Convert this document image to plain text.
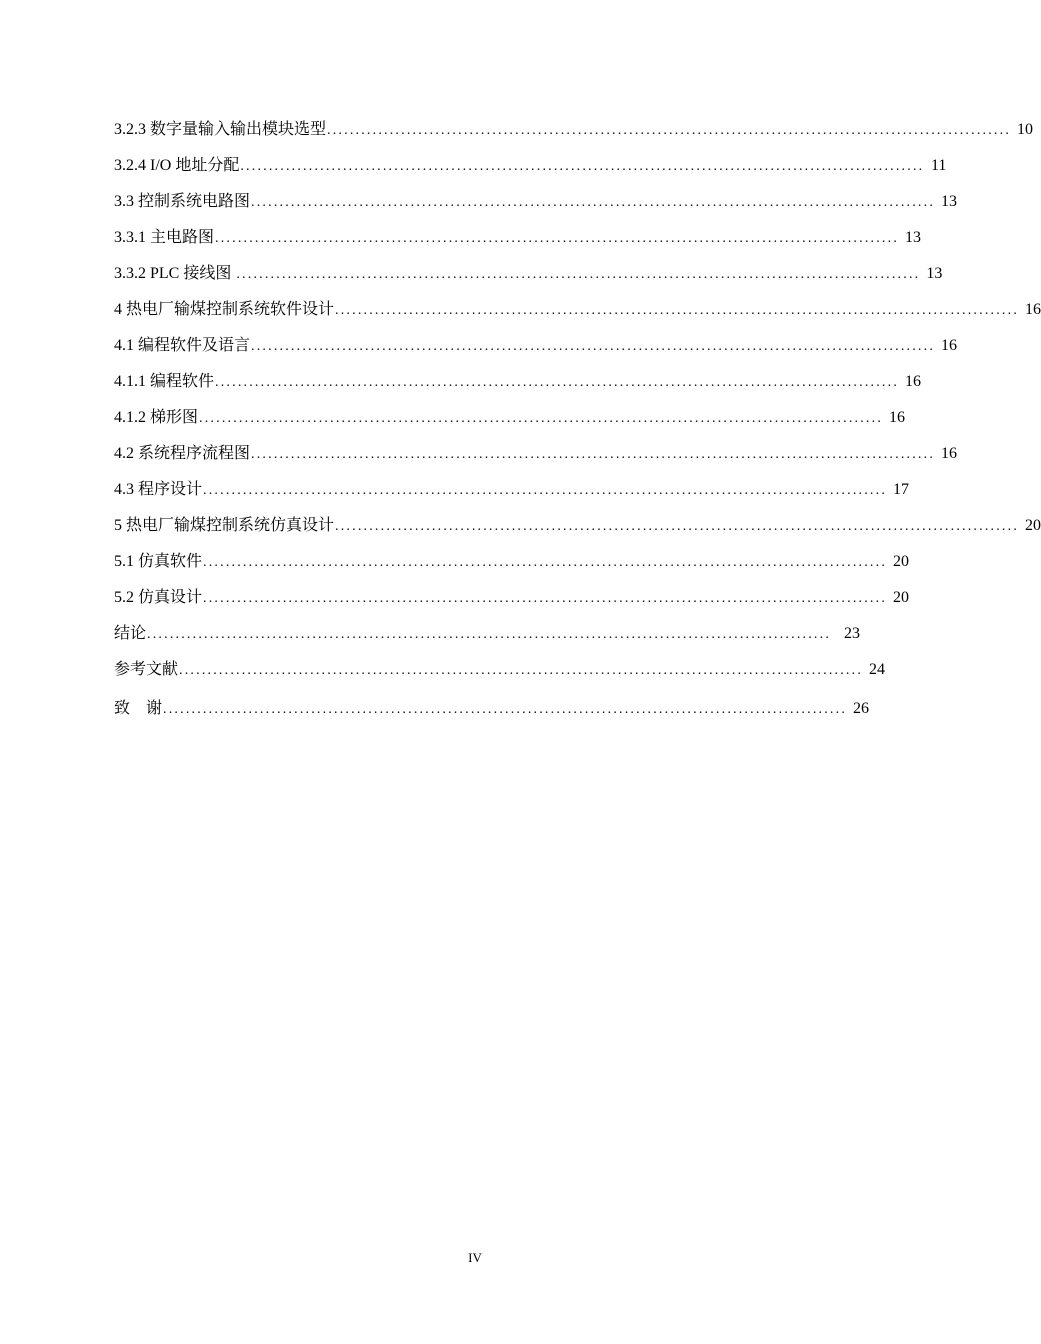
3.2.3 数字量输入输出模块选型 ........................................................................................................................ 10
3.2.4 I/O 地址分配 ........................................................................................................................ 11
3.3 控制系统电路图 ........................................................................................................................ 13
3.3.1 主电路图 ........................................................................................................................ 13
3.3.2 PLC 接线图 ........................................................................................................................ 13
4 热电厂输煤控制系统软件设计 ........................................................................................................................ 16
4.1 编程软件及语言 ........................................................................................................................ 16
4.1.1 编程软件 ........................................................................................................................ 16
4.1.2 梯形图 ........................................................................................................................ 16
4.2 系统程序流程图 ........................................................................................................................ 16
4.3 程序设计 ........................................................................................................................ 17
5 热电厂输煤控制系统仿真设计 ........................................................................................................................ 20
5.1 仿真软件 ........................................................................................................................ 20
5.2 仿真设计 ........................................................................................................................ 20
结论 ........................................................................................................................ 23
参考文献 ........................................................................................................................ 24
致    谢 ........................................................................................................................ 26
IV
